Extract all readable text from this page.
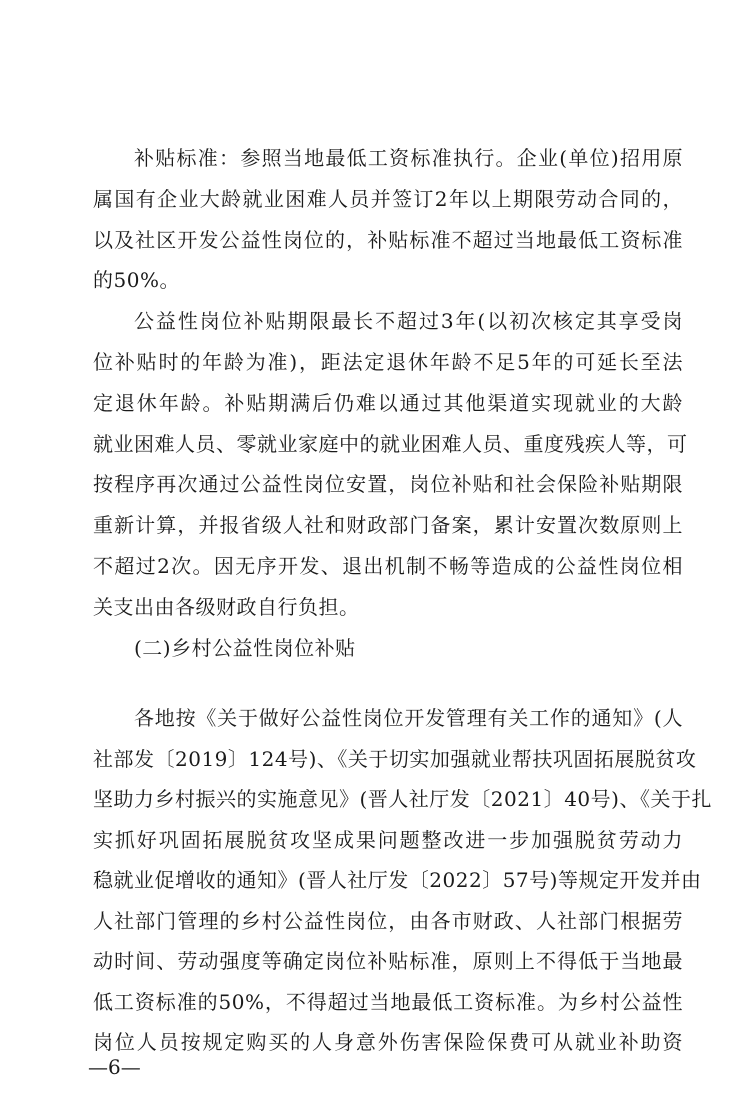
补贴标准：参照当地最低工资标准执行。企业(单位)招用原
属国有企业大龄就业困难人员并签订2年以上期限劳动合同的，
以及社区开发公益性岗位的，补贴标准不超过当地最低工资标准
的50%。
公益性岗位补贴期限最长不超过3年(以初次核定其享受岗
位补贴时的年龄为准)，距法定退休年龄不足5年的可延长至法
定退休年龄。补贴期满后仍难以通过其他渠道实现就业的大龄
就业困难人员、零就业家庭中的就业困难人员、重度残疾人等，可
按程序再次通过公益性岗位安置，岗位补贴和社会保险补贴期限
重新计算，并报省级人社和财政部门备案，累计安置次数原则上
不超过2次。因无序开发、退出机制不畅等造成的公益性岗位相
关支出由各级财政自行负担。
(二)乡村公益性岗位补贴
各地按《关于做好公益性岗位开发管理有关工作的通知》(人
社部发〔2019〕124号)、《关于切实加强就业帮扶巩固拓展脱贫攻
坚助力乡村振兴的实施意见》(晋人社厅发〔2021〕40号)、《关于扎
实抓好巩固拓展脱贫攻坚成果问题整改进一步加强脱贫劳动力
稳就业促增收的通知》(晋人社厅发〔2022〕57号)等规定开发并由
人社部门管理的乡村公益性岗位，由各市财政、人社部门根据劳
动时间、劳动强度等确定岗位补贴标准，原则上不得低于当地最
—6—
低工资标准的50%，不得超过当地最低工资标准。为乡村公益性
岗位人员按规定购买的人身意外伤害保险保费可从就业补助资
